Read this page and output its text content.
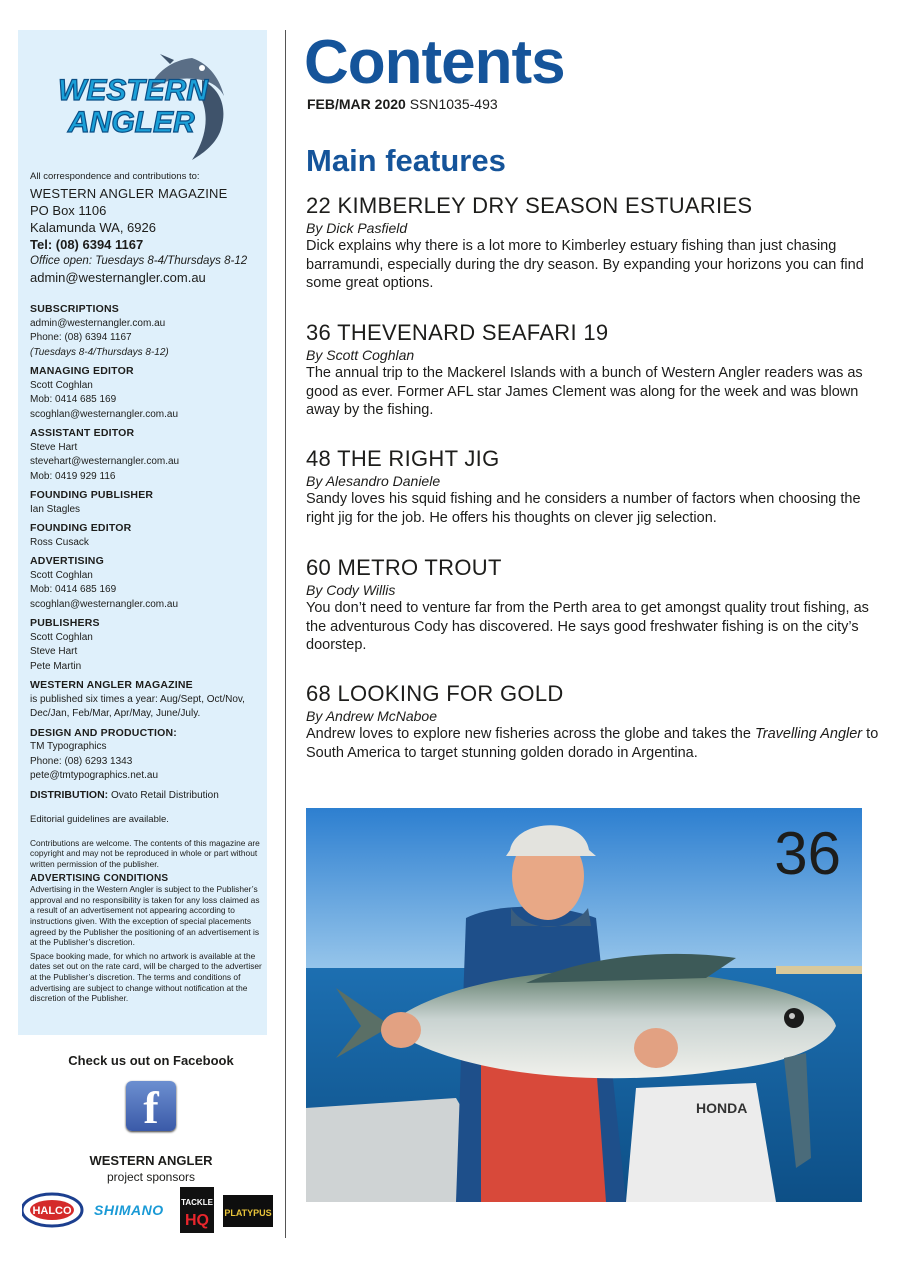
WESTERN
ANGLER
All correspondence and contributions to:
WESTERN ANGLER MAGAZINE
PO Box 1106
Kalamunda WA, 6926
Tel: (08) 6394 1167
Office open: Tuesdays 8-4/Thursdays 8-12
admin@westernangler.com.au
SUBSCRIPTIONS
admin@westernangler.com.au
Phone: (08) 6394 1167
(Tuesdays 8-4/Thursdays 8-12)
MANAGING EDITOR
Scott Coghlan
Mob: 0414 685 169
scoghlan@westernangler.com.au
ASSISTANT EDITOR
Steve Hart
stevehart@westernangler.com.au
Mob: 0419 929 116
FOUNDING PUBLISHER
Ian Stagles
FOUNDING EDITOR
Ross Cusack
ADVERTISING
Scott Coghlan
Mob: 0414 685 169
scoghlan@westernangler.com.au
PUBLISHERS
Scott Coghlan
Steve Hart
Pete Martin
WESTERN ANGLER MAGAZINE
is published six times a year: Aug/Sept, Oct/Nov, Dec/Jan, Feb/Mar, Apr/May, June/July.
DESIGN AND PRODUCTION:
TM Typographics
Phone: (08) 6293 1343
pete@tmtypographics.net.au
DISTRIBUTION: Ovato Retail Distribution
Editorial guidelines are available.
Contributions are welcome. The contents of this magazine are copyright and may not be reproduced in whole or part without written permission of the publisher.
ADVERTISING CONDITIONS
Advertising in the Western Angler is subject to the Publisher’s approval and no responsibility is taken for any loss claimed as a result of an advertisement not appearing according to instructions given. With the exception of special placements agreed by the Publisher the positioning of an advertisement is at the Publisher’s discretion.
Space booking made, for which no artwork is available at the dates set out on the rate card, will be charged to the advertiser at the Publisher’s discretion. The terms and conditions of advertising are subject to change without notification at the discretion of the Publisher.
Check us out on Facebook
f
WESTERN ANGLER
project sponsors
HALCO SHIMANO TACKLE
HQ PLATYPUS
Contents
FEB/MAR 2020 SSN1035-493
Main features
22 KIMBERLEY DRY SEASON ESTUARIES
By Dick Pasfield
Dick explains why there is a lot more to Kimberley estuary fishing than just chasing barramundi, especially during the dry season. By expanding your horizons you can find some great options.
36 THEVENARD SEAFARI 19
By Scott Coghlan
The annual trip to the Mackerel Islands with a bunch of Western Angler readers was as good as ever. Former AFL star James Clement was along for the week and was blown away by the fishing.
48 THE RIGHT JIG
By Alesandro Daniele
Sandy loves his squid fishing and he considers a number of factors when choosing the right jig for the job. He offers his thoughts on clever jig selection.
60 METRO TROUT
By Cody Willis
You don’t need to venture far from the Perth area to get amongst quality trout fishing, as the adventurous Cody has discovered. He says good freshwater fishing is on the city’s doorstep.
68 LOOKING FOR GOLD
By Andrew McNaboe
Andrew loves to explore new fisheries across the globe and takes the Travelling Angler to South America to target stunning golden dorado in Argentina.
HONDA
36
